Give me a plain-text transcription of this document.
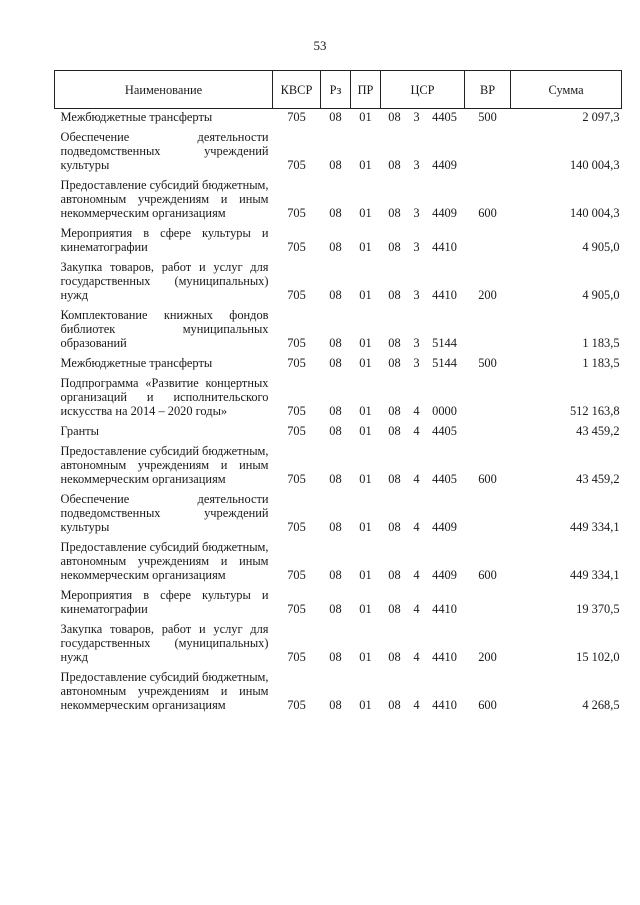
53
Наименование	КВСР	Рз	ПР	ЦСР			ВР	Сумма
Межбюджетные трансферты	705	08	01	08	3	4405	500	2 097,3
Обеспечение деятельности подведомственных учреждений культуры	705	08	01	08	3	4409		140 004,3
Предоставление субсидий бюджетным, автономным учреждениям и иным некоммерческим организациям	705	08	01	08	3	4409	600	140 004,3
Мероприятия в сфере культуры и кинематографии	705	08	01	08	3	4410		4 905,0
Закупка товаров, работ и услуг для государственных (муниципальных) нужд	705	08	01	08	3	4410	200	4 905,0
Комплектование книжных фондов библиотек муниципальных образований	705	08	01	08	3	5144		1 183,5
Межбюджетные трансферты	705	08	01	08	3	5144	500	1 183,5
Подпрограмма «Развитие концертных организаций и исполнительского искусства на 2014 – 2020 годы»	705	08	01	08	4	0000		512 163,8
Гранты	705	08	01	08	4	4405		43 459,2
Предоставление субсидий бюджетным, автономным учреждениям и иным некоммерческим организациям	705	08	01	08	4	4405	600	43 459,2
Обеспечение деятельности подведомственных учреждений культуры	705	08	01	08	4	4409		449 334,1
Предоставление субсидий бюджетным, автономным учреждениям и иным некоммерческим организациям	705	08	01	08	4	4409	600	449 334,1
Мероприятия в сфере культуры и кинематографии	705	08	01	08	4	4410		19 370,5
Закупка товаров, работ и услуг для государственных (муниципальных) нужд	705	08	01	08	4	4410	200	15 102,0
Предоставление субсидий бюджетным, автономным учреждениям и иным некоммерческим организациям	705	08	01	08	4	4410	600	4 268,5
